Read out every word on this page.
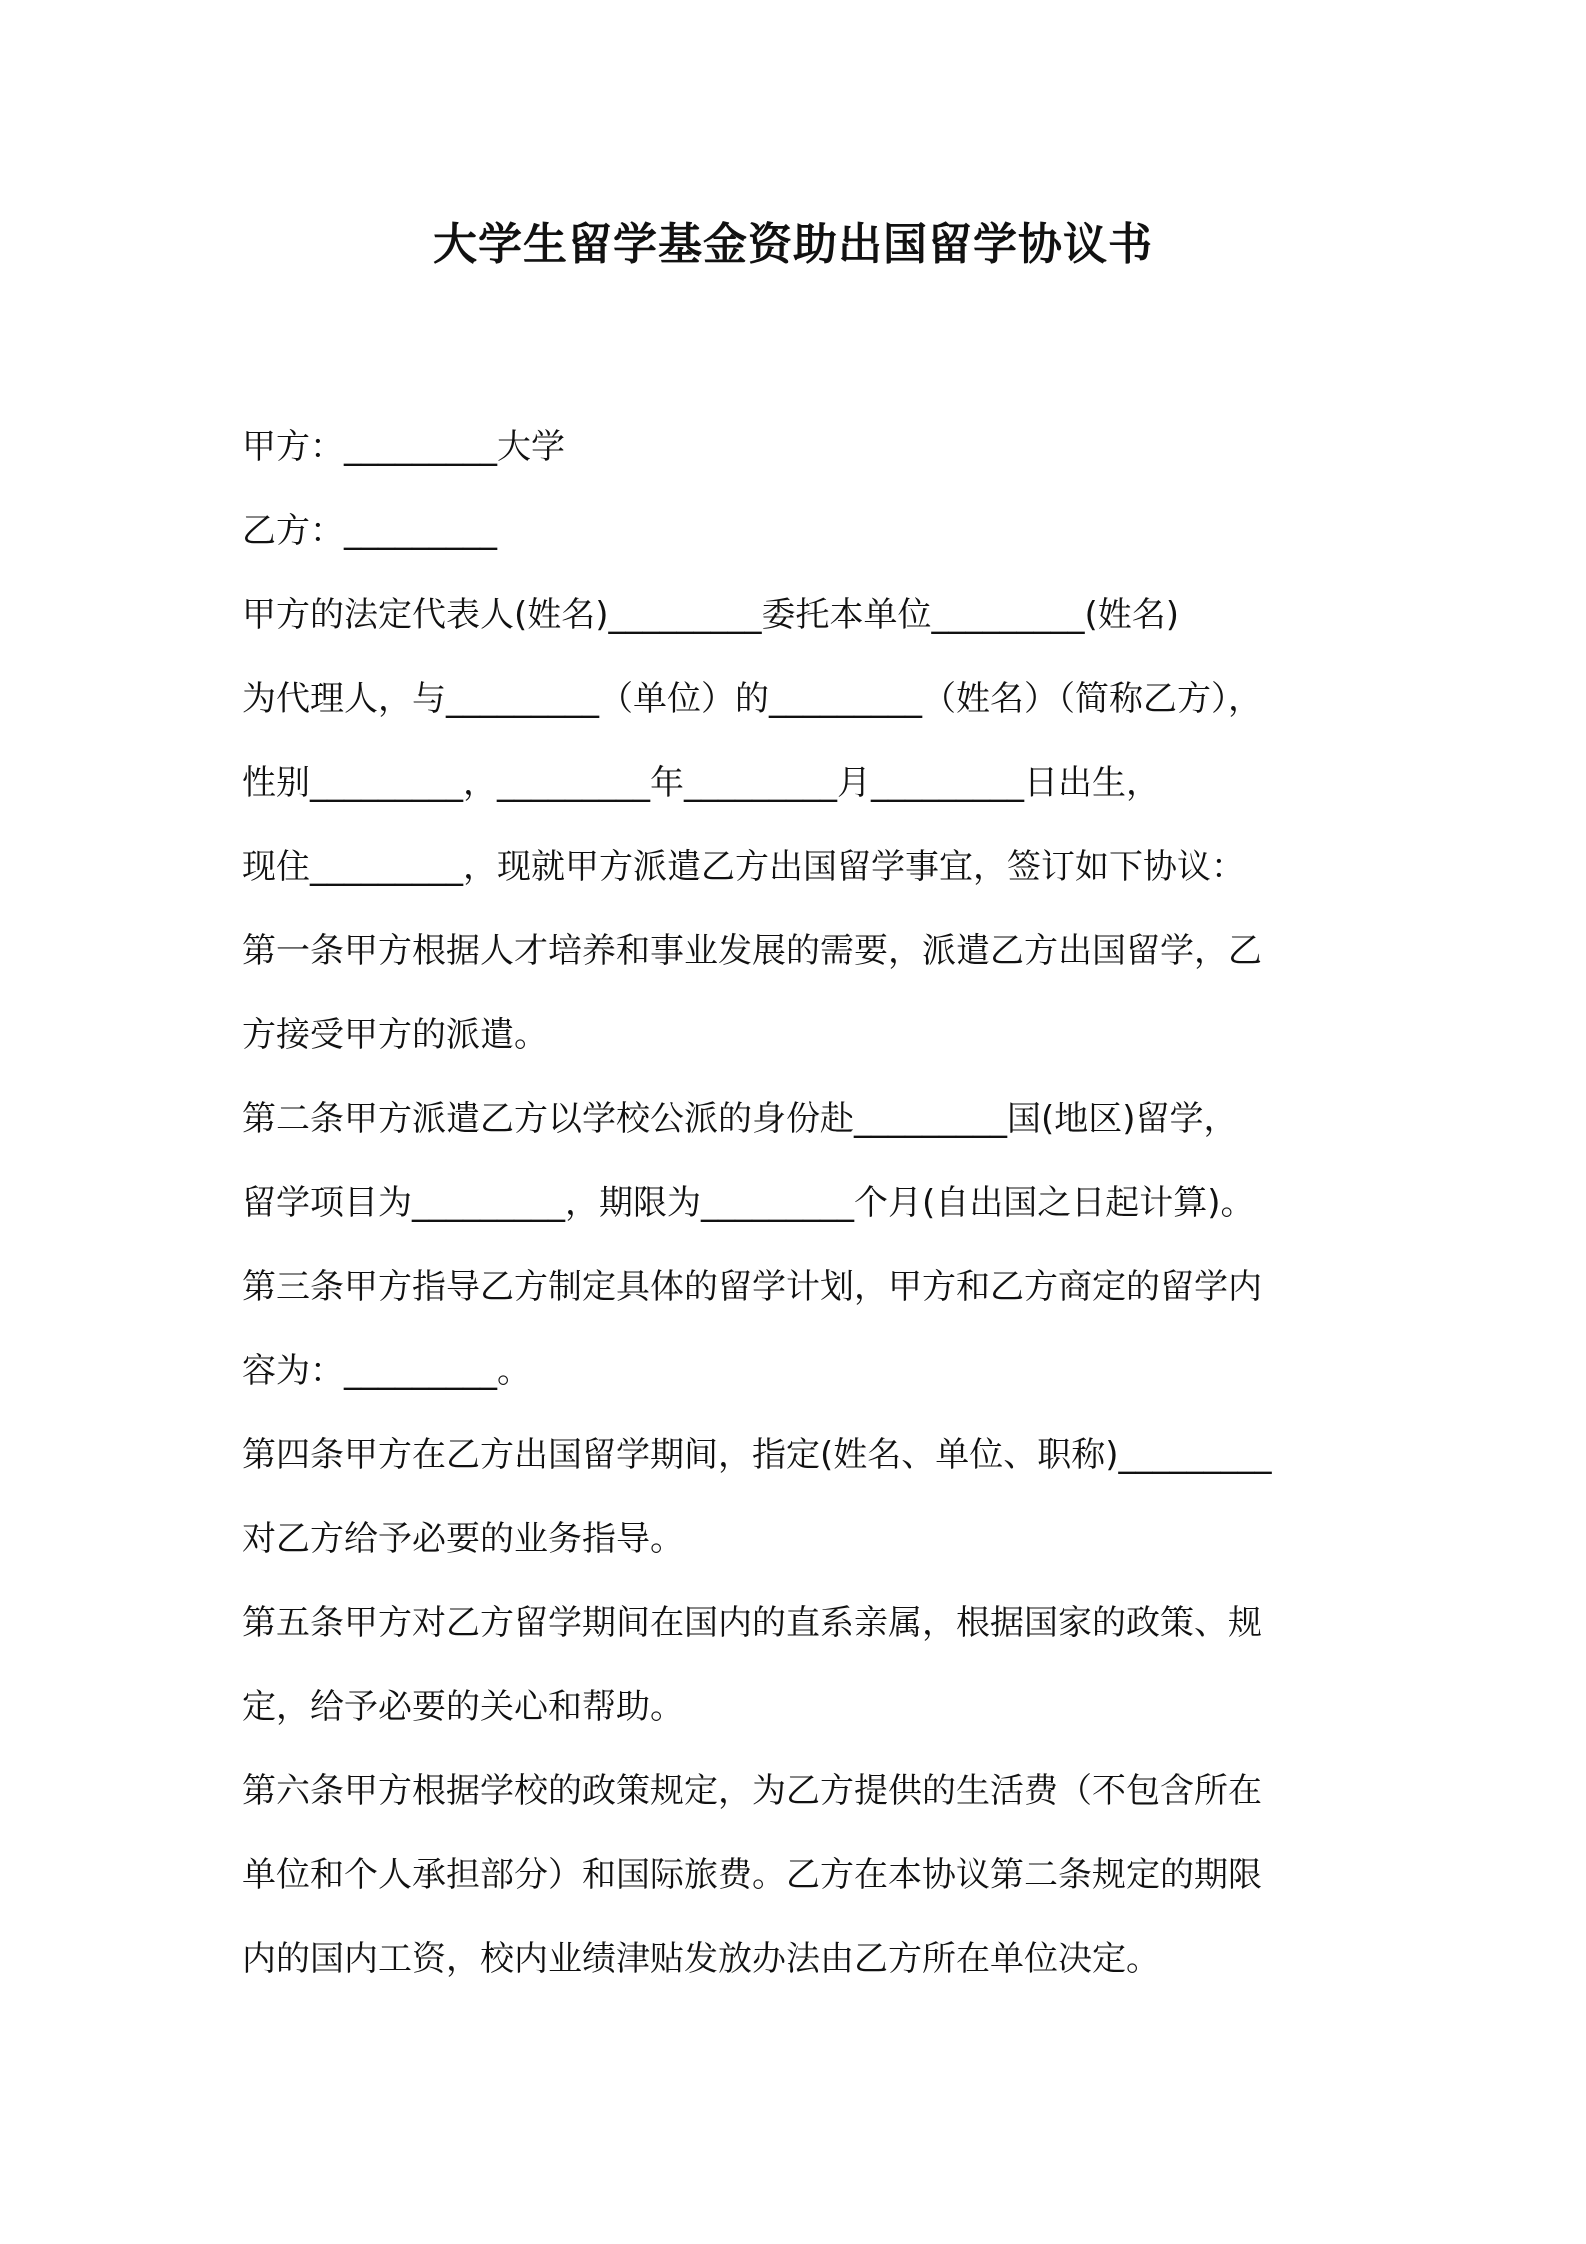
大学生留学基金资助出国留学协议书
甲方：_________大学
乙方：_________
甲方的法定代表人(姓名)_________委托本单位_________(姓名)
为代理人，与_________（单位）的_________（姓名）（简称乙方），
性别_________，_________年_________月_________日出生，
现住_________，现就甲方派遣乙方出国留学事宜，签订如下协议：
第一条甲方根据人才培养和事业发展的需要，派遣乙方出国留学，乙
方接受甲方的派遣。
第二条甲方派遣乙方以学校公派的身份赴_________国(地区)留学，
留学项目为_________，期限为_________个月(自出国之日起计算)。
第三条甲方指导乙方制定具体的留学计划，甲方和乙方商定的留学内
容为：_________。
第四条甲方在乙方出国留学期间，指定(姓名、单位、职称)_________
对乙方给予必要的业务指导。
第五条甲方对乙方留学期间在国内的直系亲属，根据国家的政策、规
定，给予必要的关心和帮助。
第六条甲方根据学校的政策规定，为乙方提供的生活费（不包含所在
单位和个人承担部分）和国际旅费。乙方在本协议第二条规定的期限
内的国内工资，校内业绩津贴发放办法由乙方所在单位决定。
